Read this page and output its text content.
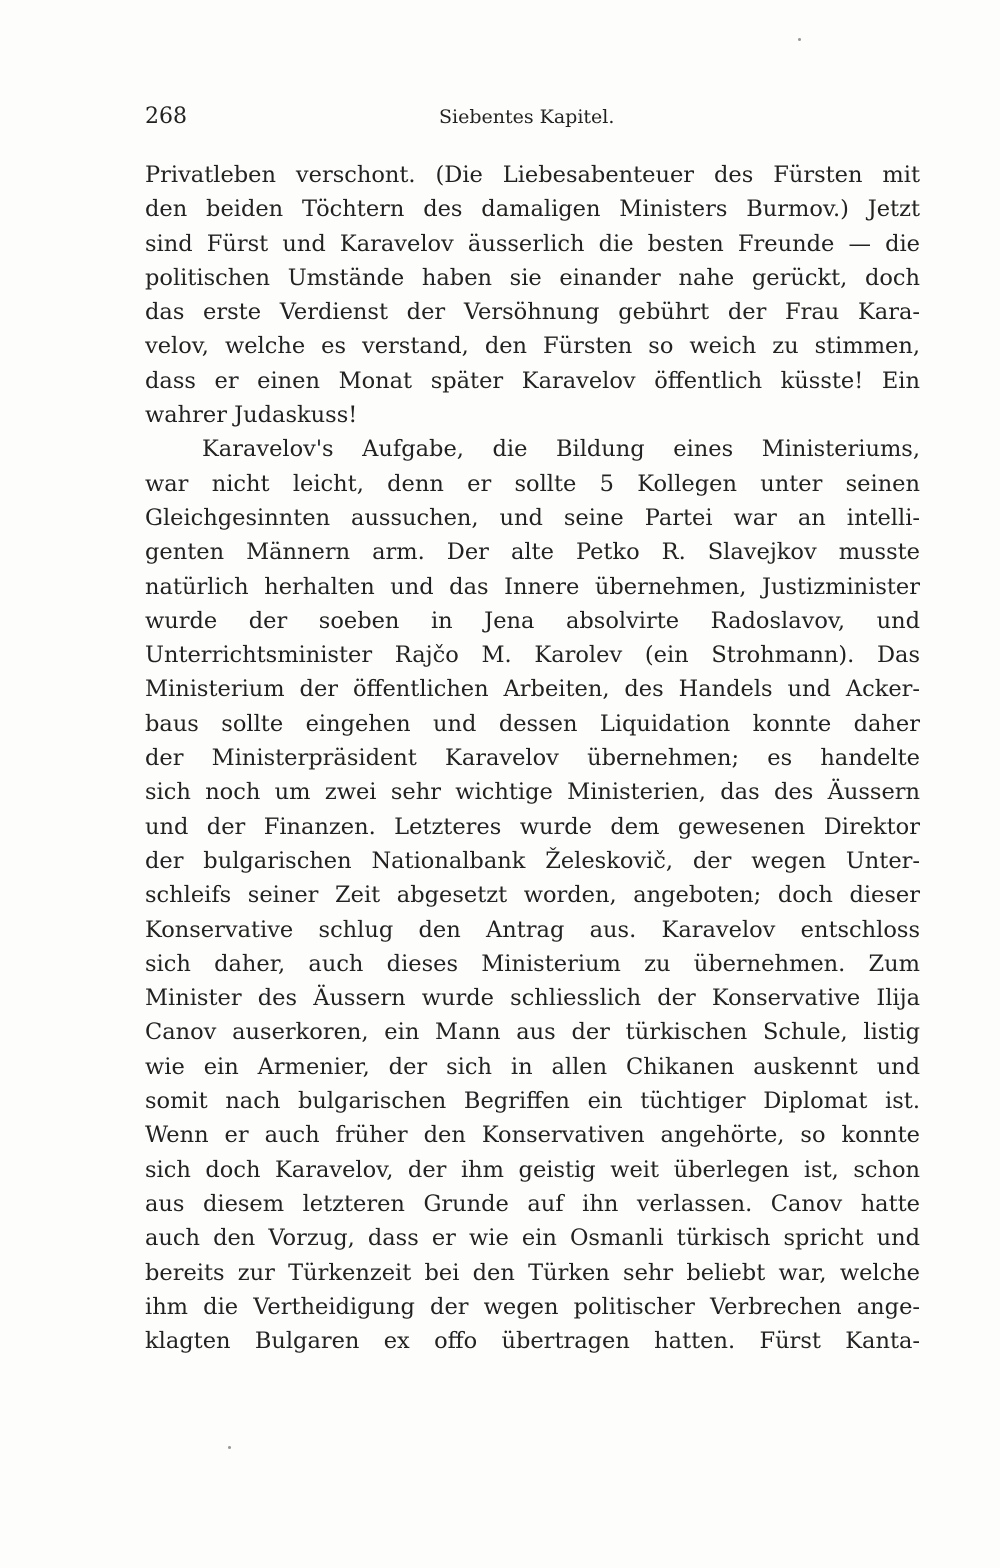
268	Siebentes Kapitel.
Privatleben verschont. (Die Liebesabenteuer des Fürsten mit
den beiden Töchtern des damaligen Ministers Burmov.) Jetzt
sind Fürst und Karavelov äusserlich die besten Freunde — die
politischen Umstände haben sie einander nahe gerückt, doch
das erste Verdienst der Versöhnung gebührt der Frau Kara-
velov, welche es verstand, den Fürsten so weich zu stimmen,
dass er einen Monat später Karavelov öffentlich küsste! Ein
wahrer Judaskuss!
Karavelov's Aufgabe, die Bildung eines Ministeriums,
war nicht leicht, denn er sollte 5 Kollegen unter seinen
Gleichgesinnten aussuchen, und seine Partei war an intelli-
genten Männern arm. Der alte Petko R. Slavejkov musste
natürlich herhalten und das Innere übernehmen, Justizminister
wurde der soeben in Jena absolvirte Radoslavov, und
Unterrichtsminister Rajčo M. Karolev (ein Strohmann). Das
Ministerium der öffentlichen Arbeiten, des Handels und Acker-
baus sollte eingehen und dessen Liquidation konnte daher
der Ministerpräsident Karavelov übernehmen; es handelte
sich noch um zwei sehr wichtige Ministerien, das des Äussern
und der Finanzen. Letzteres wurde dem gewesenen Direktor
der bulgarischen Nationalbank Želeskovič, der wegen Unter-
schleifs seiner Zeit abgesetzt worden, angeboten; doch dieser
Konservative schlug den Antrag aus. Karavelov entschloss
sich daher, auch dieses Ministerium zu übernehmen. Zum
Minister des Äussern wurde schliesslich der Konservative Ilija
Canov auserkoren, ein Mann aus der türkischen Schule, listig
wie ein Armenier, der sich in allen Chikanen auskennt und
somit nach bulgarischen Begriffen ein tüchtiger Diplomat ist.
Wenn er auch früher den Konservativen angehörte, so konnte
sich doch Karavelov, der ihm geistig weit überlegen ist, schon
aus diesem letzteren Grunde auf ihn verlassen. Canov hatte
auch den Vorzug, dass er wie ein Osmanli türkisch spricht und
bereits zur Türkenzeit bei den Türken sehr beliebt war, welche
ihm die Vertheidigung der wegen politischer Verbrechen ange-
klagten Bulgaren ex offo übertragen hatten. Fürst Kanta-
